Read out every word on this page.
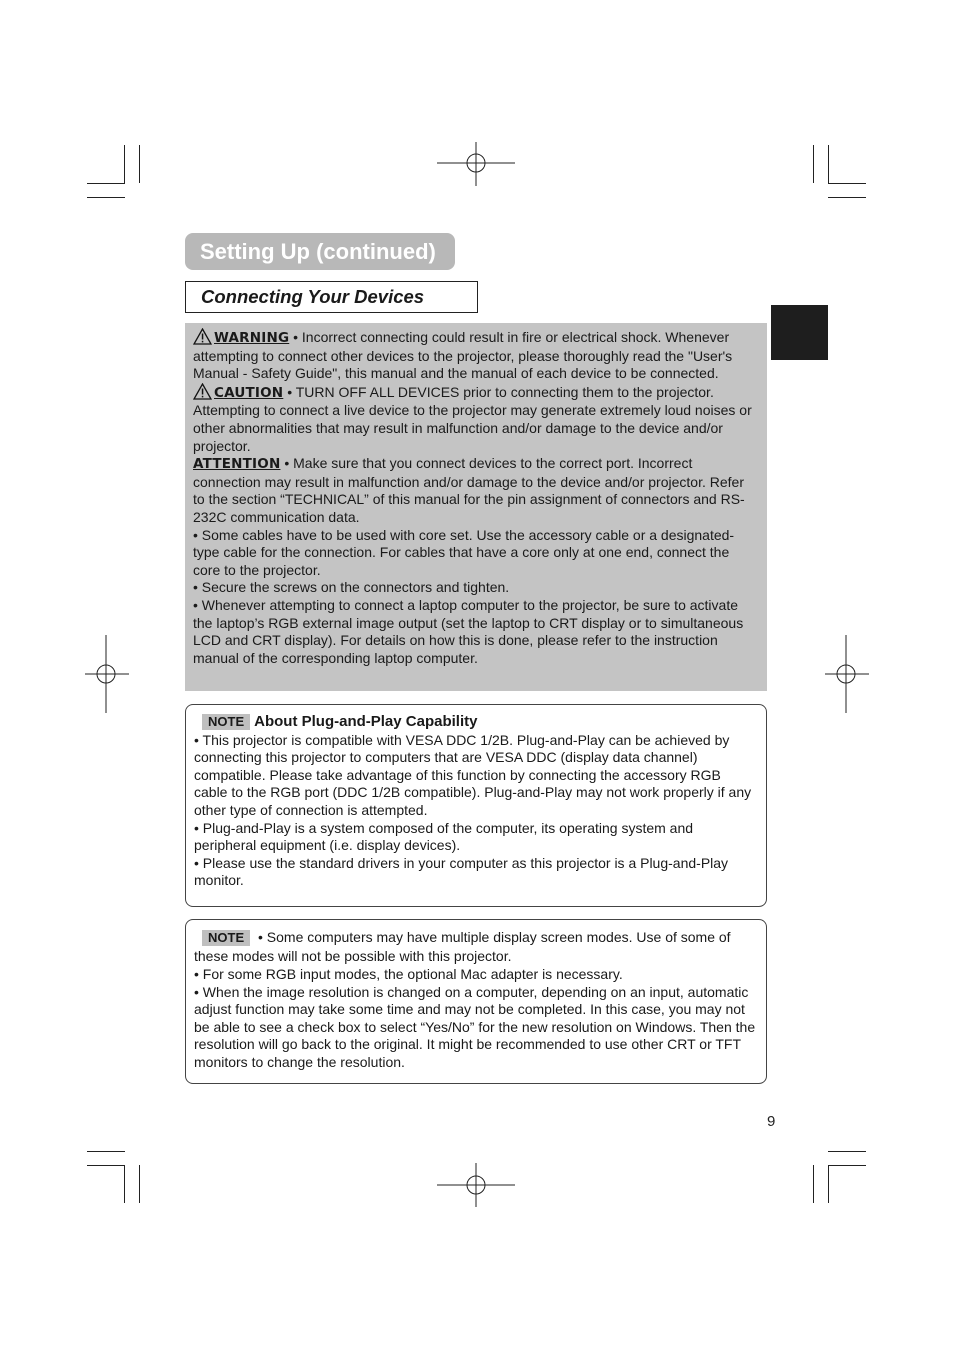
Setting Up (continued)
Connecting Your Devices

WARNING • Incorrect connecting could result in fire or electrical shock. Whenever attempting to connect other devices to the projector, please thoroughly read the "User's Manual - Safety Guide", this manual and the manual of each device to be connected.

CAUTION • TURN OFF ALL DEVICES prior to connecting them to the projector. Attempting to connect a live device to the projector may generate extremely loud noises or other abnormalities that may result in malfunction and/or damage to the device and/or projector.

ATTENTION • Make sure that you connect devices to the correct port. Incorrect connection may result in malfunction and/or damage to the device and/or projector. Refer to the section “TECHNICAL” of this manual for the pin assignment of connectors and RS-232C communication data.

• Some cables have to be used with core set. Use the accessory cable or a designated-type cable for the connection. For cables that have a core only at one end, connect the core to the projector.

• Secure the screws on the connectors and tighten.

• Whenever attempting to connect a laptop computer to the projector, be sure to activate the laptop’s RGB external image output (set the laptop to CRT display or to simultaneous LCD and CRT display). For details on how this is done, please refer to the instruction manual of the corresponding laptop computer.

NOTE About Plug-and-Play Capability

• This projector is compatible with VESA DDC 1/2B. Plug-and-Play can be achieved by connecting this projector to computers that are VESA DDC (display data channel) compatible. Please take advantage of this function by connecting the accessory RGB cable to the RGB port (DDC 1/2B compatible). Plug-and-Play may not work properly if any other type of connection is attempted.

• Plug-and-Play is a system composed of the computer, its operating system and peripheral equipment (i.e. display devices).

• Please use the standard drivers in your computer as this projector is a Plug-and-Play monitor.

NOTE • Some computers may have multiple display screen modes. Use of some of these modes will not be possible with this projector.

• For some RGB input modes, the optional Mac adapter is necessary.

• When the image resolution is changed on a computer, depending on an input, automatic adjust function may take some time and may not be completed. In this case, you may not be able to see a check box to select “Yes/No” for the new resolution on Windows. Then the resolution will go back to the original. It might be recommended to use other CRT or TFT monitors to change the resolution.

9
